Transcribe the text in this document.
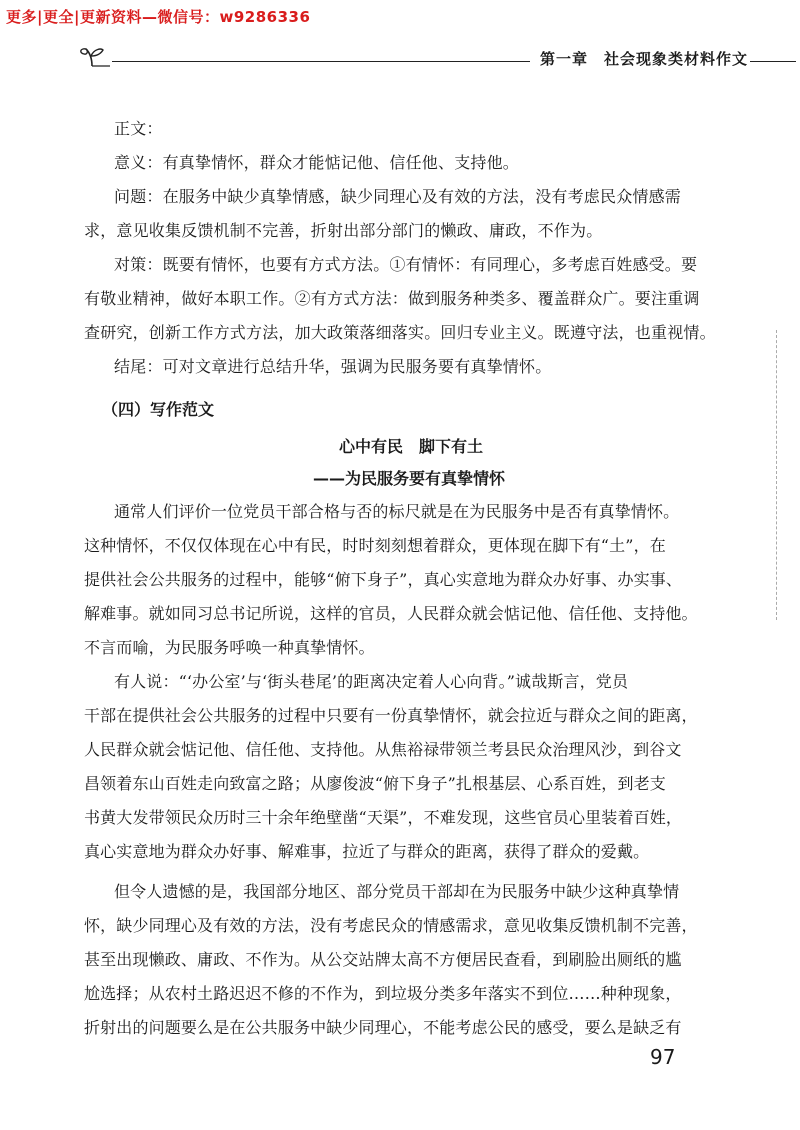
更多|更全|更新资料—微信号：w9286336
第一章　社会现象类材料作文
正文：
意义：有真挚情怀，群众才能惦记他、信任他、支持他。
问题：在服务中缺少真挚情感，缺少同理心及有效的方法，没有考虑民众情感需
求，意见收集反馈机制不完善，折射出部分部门的懒政、庸政，不作为。
对策：既要有情怀，也要有方式方法。①有情怀：有同理心，多考虑百姓感受。要
有敬业精神，做好本职工作。②有方式方法：做到服务种类多、覆盖群众广。要注重调
查研究，创新工作方式方法，加大政策落细落实。回归专业主义。既遵守法，也重视情。
结尾：可对文章进行总结升华，强调为民服务要有真挚情怀。
（四）写作范文
心中有民　脚下有土
——为民服务要有真挚情怀
通常人们评价一位党员干部合格与否的标尺就是在为民服务中是否有真挚情怀。
这种情怀，不仅仅体现在心中有民，时时刻刻想着群众，更体现在脚下有“土”，在
提供社会公共服务的过程中，能够“俯下身子”，真心实意地为群众办好事、办实事、
解难事。就如同习总书记所说，这样的官员，人民群众就会惦记他、信任他、支持他。
不言而喻，为民服务呼唤一种真挚情怀。
有人说：“‘办公室’与‘街头巷尾’的距离决定着人心向背。”诚哉斯言，党员
干部在提供社会公共服务的过程中只要有一份真挚情怀，就会拉近与群众之间的距离，
人民群众就会惦记他、信任他、支持他。从焦裕禄带领兰考县民众治理风沙，到谷文
昌领着东山百姓走向致富之路；从廖俊波“俯下身子”扎根基层、心系百姓，到老支
书黄大发带领民众历时三十余年绝壁凿“天渠”，不难发现，这些官员心里装着百姓，
真心实意地为群众办好事、解难事，拉近了与群众的距离，获得了群众的爱戴。
但令人遗憾的是，我国部分地区、部分党员干部却在为民服务中缺少这种真挚情
怀，缺少同理心及有效的方法，没有考虑民众的情感需求，意见收集反馈机制不完善，
甚至出现懒政、庸政、不作为。从公交站牌太高不方便居民查看，到刷脸出厕纸的尴
尬选择；从农村土路迟迟不修的不作为，到垃圾分类多年落实不到位……种种现象，
折射出的问题要么是在公共服务中缺少同理心，不能考虑公民的感受，要么是缺乏有
97
